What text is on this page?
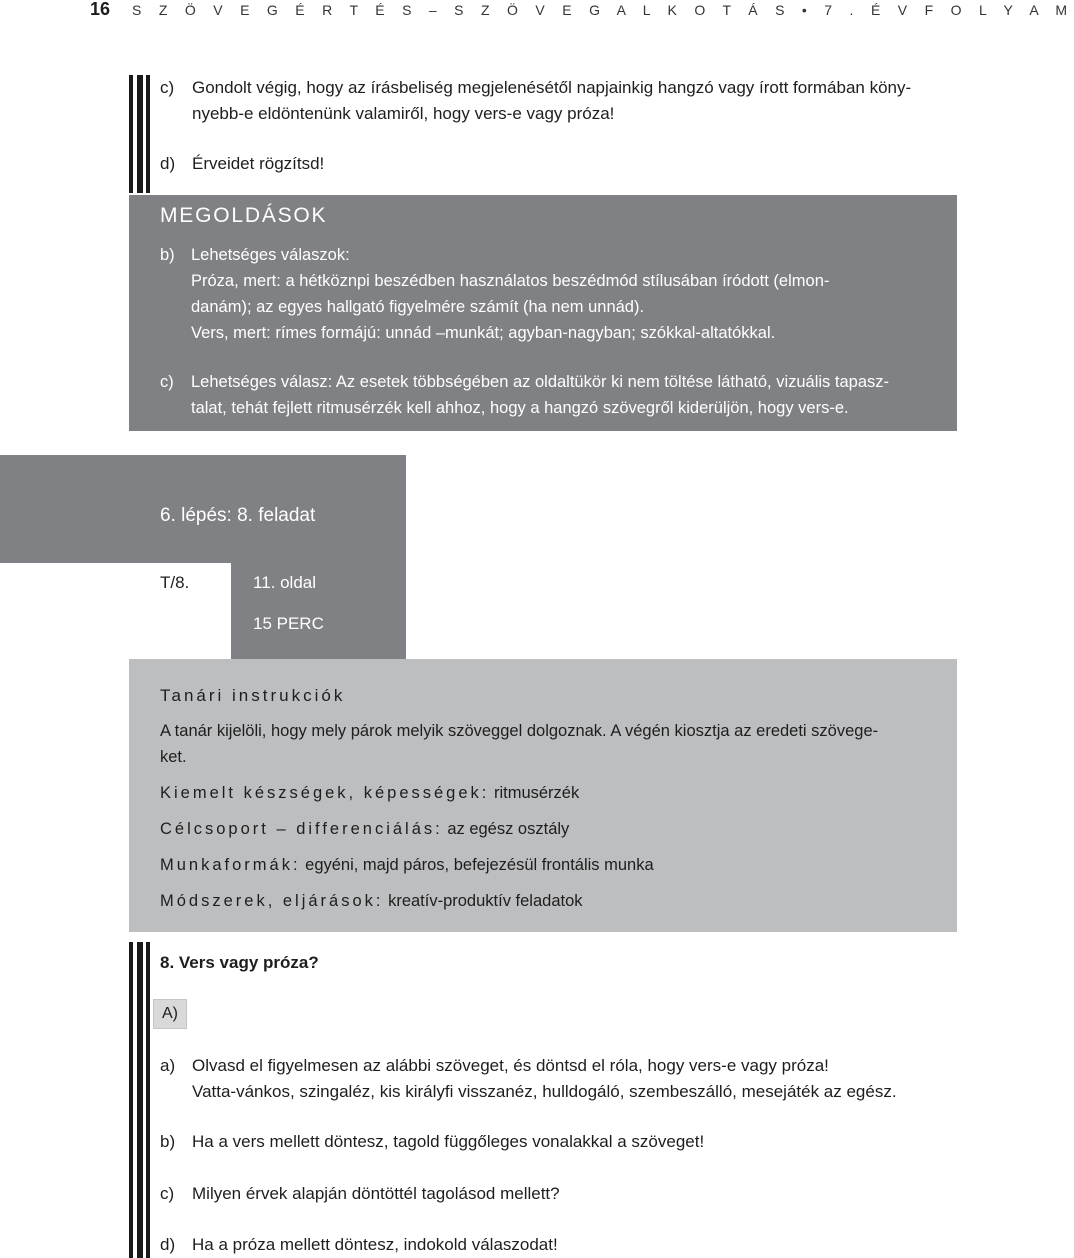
16 S Z Ö V E G É R T É S – S Z Ö V E G A L K O T Á S • 7 . É V F O L Y A M
c)	Gondolt végig, hogy az írásbeliség megjelenésétől napjainkig hangzó vagy írott formában köny-
nyebb-e eldöntenünk valamiről, hogy vers-e vagy próza!
d) Érveidet rögzítsd!
MEGOLDÁSOK
b) Lehetséges válaszok:
Próza, mert: a hétköznpi beszédben használatos beszédmód stílusában íródott (elmon-
danám); az egyes hallgató figyelmére számít (ha nem unnád).
Vers, mert: rímes formájú: unnád –munkát; agyban-nagyban; szókkal-altatókkal.
c)	Lehetséges válasz: Az esetek többségében az oldaltükör ki nem töltése látható, vizuális tapasz-
talat, tehát fejlett ritmusérzék kell ahhoz, hogy a hangzó szövegről kiderüljön, hogy vers-e.
6. lépés: 8. feladat
T/8.	11. oldal
15 PERC
Tanári instrukciók
A tanár kijelöli, hogy mely párok melyik szöveggel dolgoznak. A végén kiosztja az eredeti szövege-
ket.
Kiemelt készségek, képességek: ritmusérzék
Célcsoport – differenciálás: az egész osztály
Munkaformák: egyéni, majd páros, befejezésül frontális munka
Módszerek, eljárások: kreatív-produktív feladatok
8. Vers vagy próza?
A)
a) Olvasd el figyelmesen az alábbi szöveget, és döntsd el róla, hogy vers-e vagy próza!
Vatta-vánkos, szingaléz, kis királyfi visszanéz, hulldogáló, szembeszálló, mesejáték az egész.
b) Ha a vers mellett döntesz, tagold függőleges vonalakkal a szöveget!
c)	Milyen érvek alapján döntöttél tagolásod mellett?
d) Ha a próza mellett döntesz, indokold válaszodat!
